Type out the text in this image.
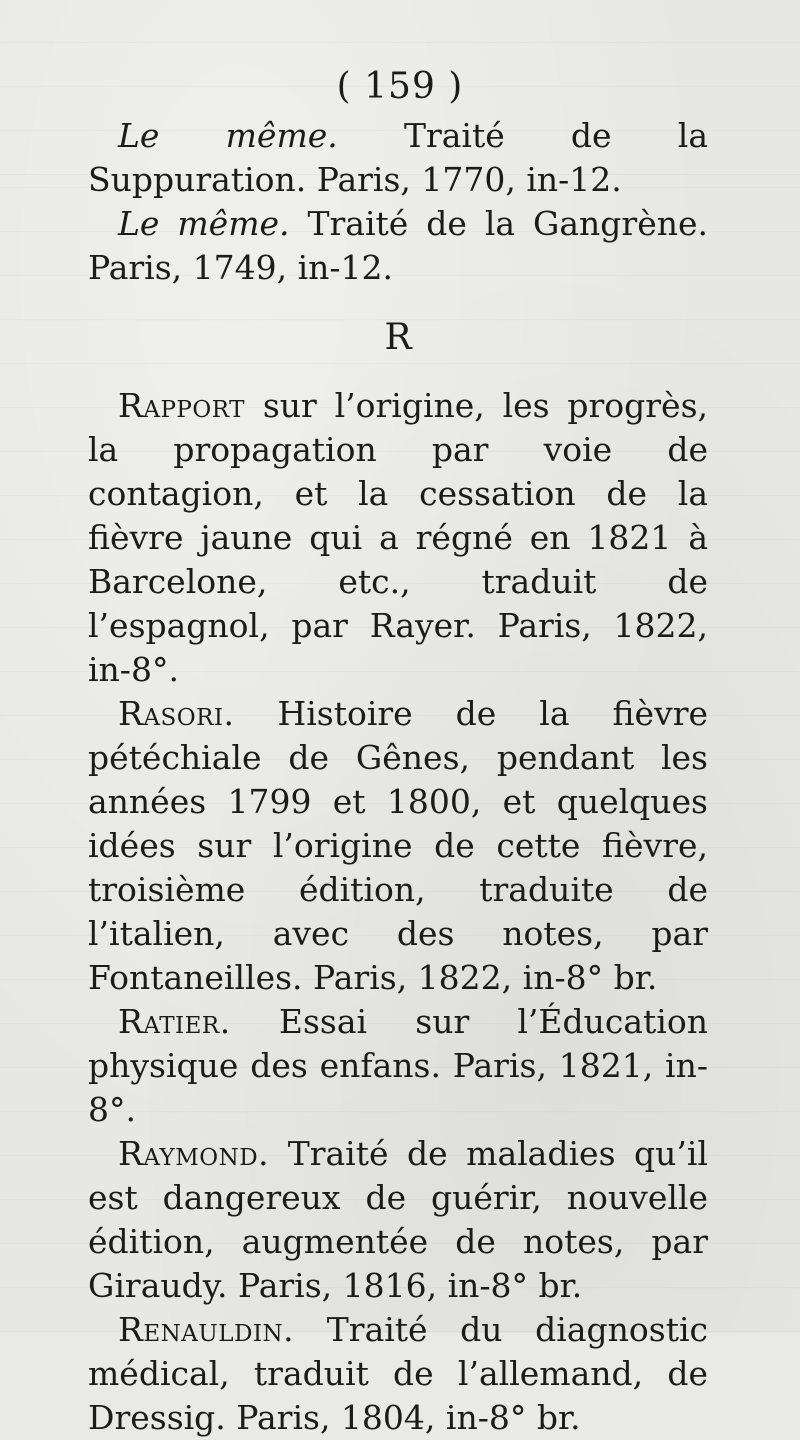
( 159 )

Le même. Traité de la Suppuration. Paris, 1770, in-12.

Le même. Traité de la Gangrène. Paris, 1749, in-12.

R

Rapport sur l’origine, les progrès, la propagation par voie de contagion, et la cessation de la fièvre jaune qui a régné en 1821 à Barcelone, etc., traduit de l’espagnol, par Rayer. Paris, 1822, in-8°.

Rasori. Histoire de la fièvre pétéchiale de Gênes, pendant les années 1799 et 1800, et quelques idées sur l’origine de cette fièvre, troisième édition, traduite de l’italien, avec des notes, par Fontaneilles. Paris, 1822, in-8° br.

Ratier. Essai sur l’Éducation physique des enfans. Paris, 1821, in-8°.

Raymond. Traité de maladies qu’il est dangereux de guérir, nouvelle édition, augmentée de notes, par Giraudy. Paris, 1816, in-8° br.

Renauldin. Traité du diagnostic médical, traduit de l’allemand, de Dressig. Paris, 1804, in-8° br.
